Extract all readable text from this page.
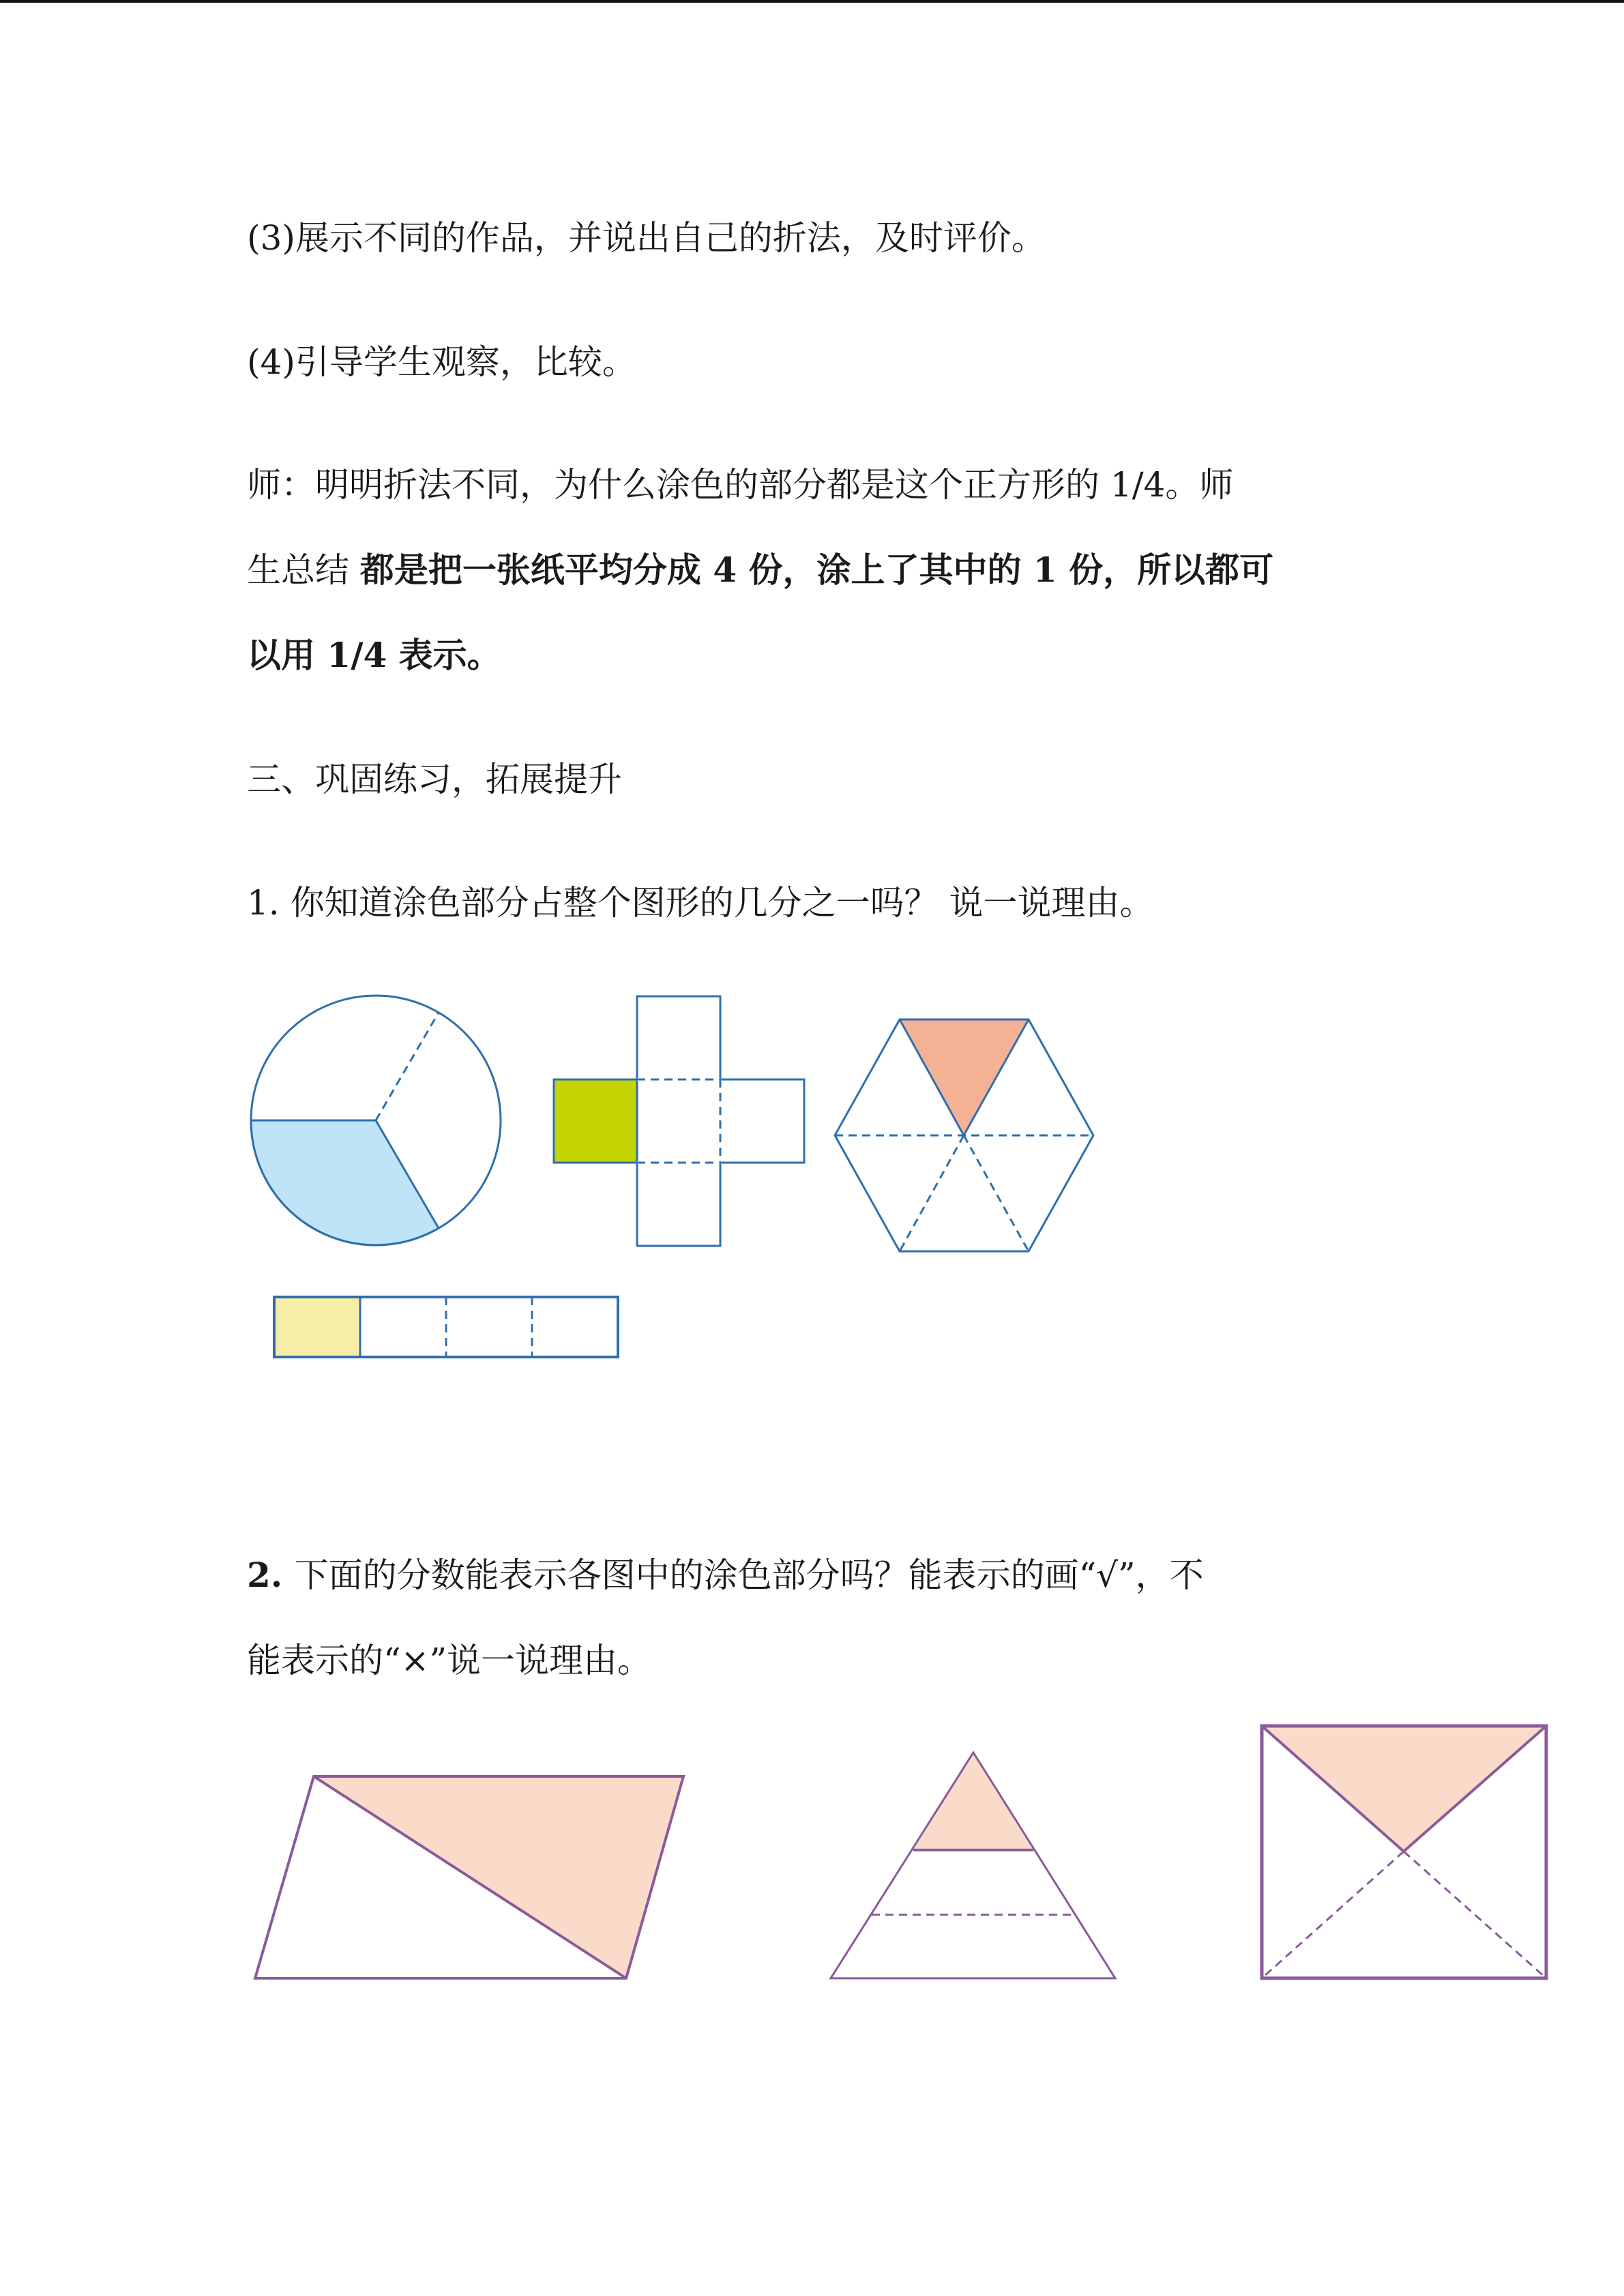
(3)展示不同的作品，并说出自己的折法，及时评价。
(4)引导学生观察，比较。
师：明明折法不同，为什么涂色的部分都是这个正方形的 1/4。师
生总结 都是把一张纸平均分成 4 份，涂上了其中的 1 份，所以都可
以用 1/4 表示。
三、巩固练习，拓展提升
1. 你知道涂色部分占整个图形的几分之一吗？ 说一说理由。
2. 下面的分数能表示各图中的涂色部分吗？能表示的画“√”，不
能表示的“×”说一说理由。
